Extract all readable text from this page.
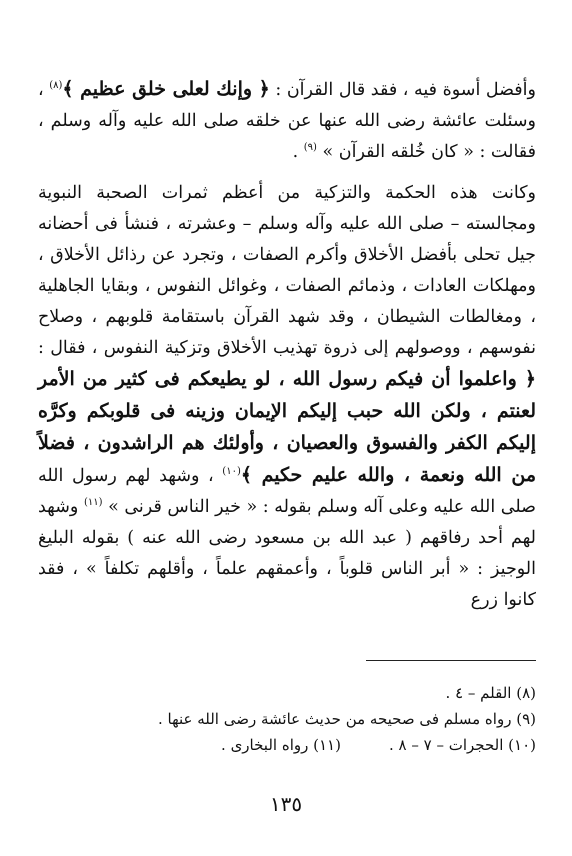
وأفضل أسوة فيه ، فقد قال القرآن : ﴿ وإنك لعلى خلق عظيم ﴾$^{(٨)}$ ، وسئلت عائشة رضى الله عنها عن خلقه صلى الله عليه وآله وسلم ، فقالت : « كان خُلقه القرآن » $^{(٩)}$ .

وكانت هذه الحكمة والتزكية من أعظم ثمرات الصحبة النبوية ومجالسته – صلى الله عليه وآله وسلم – وعشرته ، فنشأ فى أحضانه جيل تحلى بأفضل الأخلاق وأكرم الصفات ، وتجرد عن رذائل الأخلاق ، ومهلكات العادات ، وذمائم الصفات ، وغوائل النفوس ، وبقايا الجاهلية ، ومغالطات الشيطان ، وقد شهد القرآن باستقامة قلوبهم ، وصلاح نفوسهم ، ووصولهم إلى ذروة تهذيب الأخلاق وتزكية النفوس ، فقال : ﴿ واعلموا أن فيكم رسول الله ، لو يطيعكم فى كثير من الأمر لعنتم ، ولكن الله حبب إليكم الإيمان وزينه فى قلوبكم وكرَّه إليكم الكفر والفسوق والعصيان ، وأولئك هم الراشدون ، فضلاً من الله ونعمة ، والله عليم حكيم ﴾$^{(١٠)}$ ، وشهد لهم رسول الله صلى الله عليه وعلى آله وسلم بقوله : « خير الناس قرنى » $^{(١١)}$ وشهد لهم أحد رفاقهم ( عبد الله بن مسعود رضى الله عنه ) بقوله البليغ الوجيز : « أبر الناس قلوباً ، وأعمقهم علماً ، وأقلهم تكلفاً » ، فقد كانوا زرع

(٨) القلم – ٤ .
(٩) رواه مسلم فى صحيحه من حديث عائشة رضى الله عنها .
(١٠) الحجرات – ٧ – ٨ .
(١١) رواه البخارى .
١٣٥
